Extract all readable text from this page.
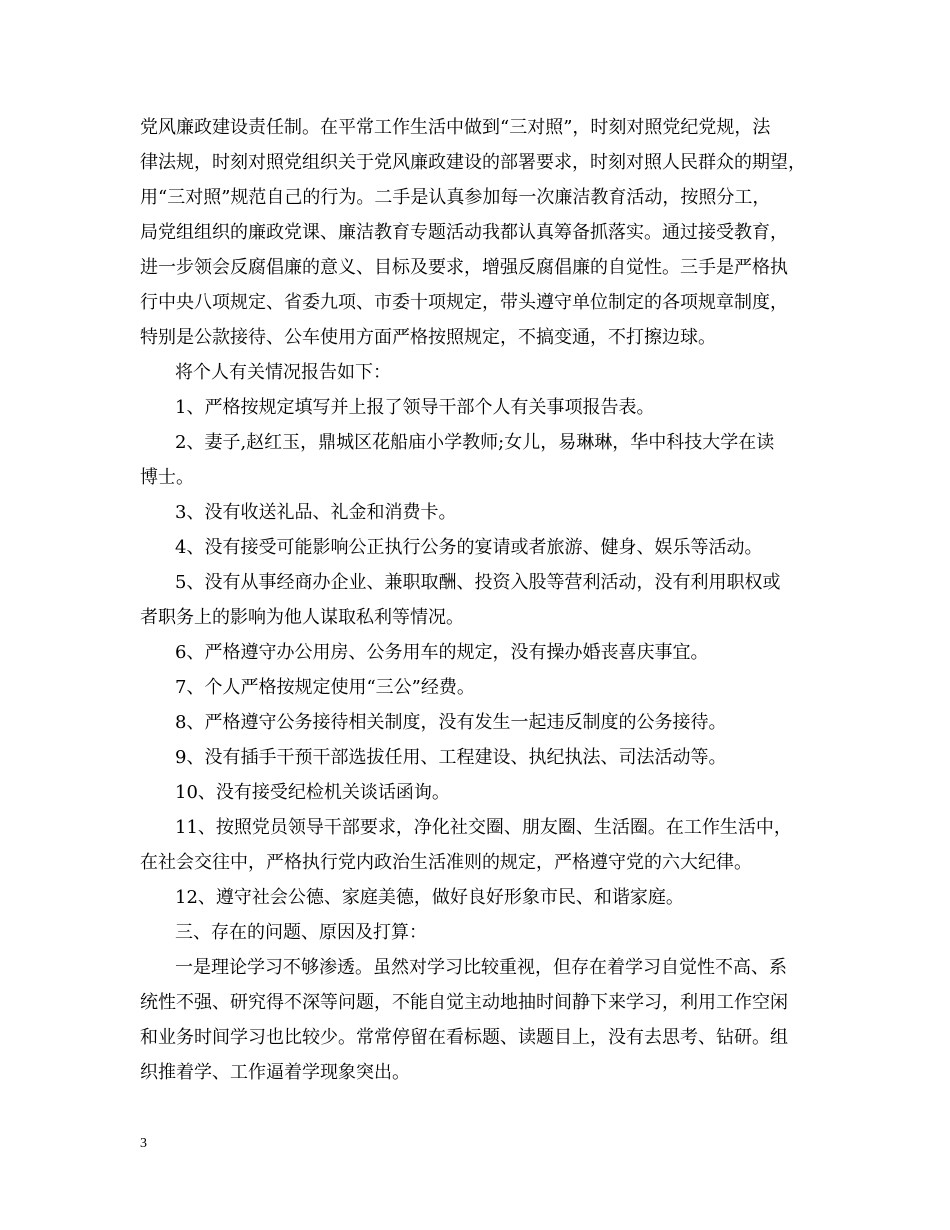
党风廉政建设责任制。在平常工作生活中做到“三对照”，时刻对照党纪党规，法
律法规，时刻对照党组织关于党风廉政建设的部署要求，时刻对照人民群众的期望，
用“三对照”规范自己的行为。二手是认真参加每一次廉洁教育活动，按照分工，
局党组组织的廉政党课、廉洁教育专题活动我都认真筹备抓落实。通过接受教育，
进一步领会反腐倡廉的意义、目标及要求，增强反腐倡廉的自觉性。三手是严格执
行中央八项规定、省委九项、市委十项规定，带头遵守单位制定的各项规章制度，
特别是公款接待、公车使用方面严格按照规定，不搞变通，不打擦边球。
将个人有关情况报告如下：
1、严格按规定填写并上报了领导干部个人有关事项报告表。
2、妻子,赵红玉，鼎城区花船庙小学教师;女儿，易琳琳，华中科技大学在读
博士。
3、没有收送礼品、礼金和消费卡。
4、没有接受可能影响公正执行公务的宴请或者旅游、健身、娱乐等活动。
5、没有从事经商办企业、兼职取酬、投资入股等营利活动，没有利用职权或
者职务上的影响为他人谋取私利等情况。
6、严格遵守办公用房、公务用车的规定，没有操办婚丧喜庆事宜。
7、个人严格按规定使用“三公”经费。
8、严格遵守公务接待相关制度，没有发生一起违反制度的公务接待。
9、没有插手干预干部选拔任用、工程建设、执纪执法、司法活动等。
10、没有接受纪检机关谈话函询。
11、按照党员领导干部要求，净化社交圈、朋友圈、生活圈。在工作生活中，
在社会交往中，严格执行党内政治生活准则的规定，严格遵守党的六大纪律。
12、遵守社会公德、家庭美德，做好良好形象市民、和谐家庭。
三、存在的问题、原因及打算：
一是理论学习不够渗透。虽然对学习比较重视，但存在着学习自觉性不高、系
统性不强、研究得不深等问题，不能自觉主动地抽时间静下来学习，利用工作空闲
和业务时间学习也比较少。常常停留在看标题、读题目上，没有去思考、钻研。组
织推着学、工作逼着学现象突出。
3
